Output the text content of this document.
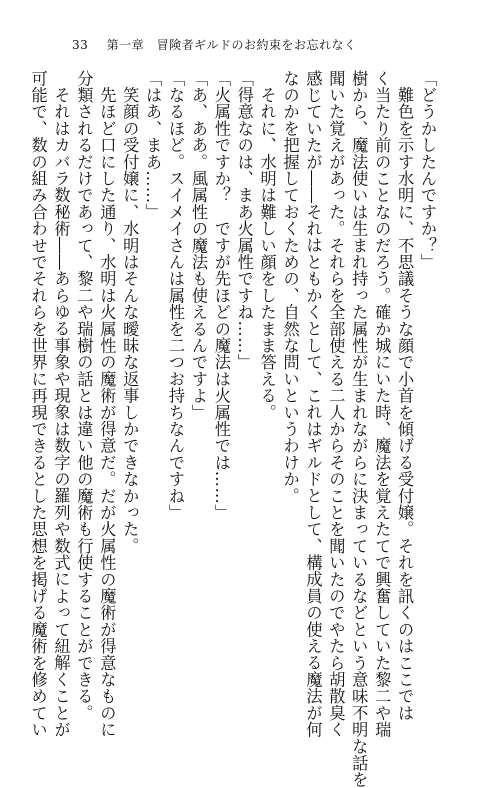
33 第一章　冒険者ギルドのお約束をお忘れなく

「どうかしたんですか？」

　難色を示す水明に、不思議そうな顔で小首を傾げる受付嬢。それを訊くのはここでは

く当たり前のことなのだろう。確か城にいた時、魔法を覚えたてで興奮していた黎二や瑞

樹から、魔法使いは生まれ持った属性が生まれながらに決まっているなどという意味不明な話を

聞いた覚えがあった。それらを全部使える二人からそのことを聞いたのでやたら胡散臭く

感じていたが――それはともかくとして、これはギルドとして、構成員の使える魔法が何

なのかを把握しておくための、自然な問いというわけか。

　それに、水明は難しい顔をしたまま答える。

「得意なのは、まあ火属性ですね……」

「火属性ですか？　ですが先ほどの魔法は火属性では……」

「あ、ああ。風属性の魔法も使えるんですよ」

「なるほど。スイメイさんは属性を二つお持ちなんですね」

「はあ、まあ……」

　笑顔の受付嬢に、水明はそんな曖昧な返事しかできなかった。

　先ほど口にした通り、水明は火属性の魔術が得意だ。だが火属性の魔術が得意なものに

分類されるだけであって、黎二や瑞樹の話とは違い他の魔術も行使することができる。

　それはカバラ数秘術――あらゆる事象や現象は数字の羅列や数式によって紐解くことが

可能で、数の組み合わせでそれらを世界に再現できるとした思想を掲げる魔術を修めてい
